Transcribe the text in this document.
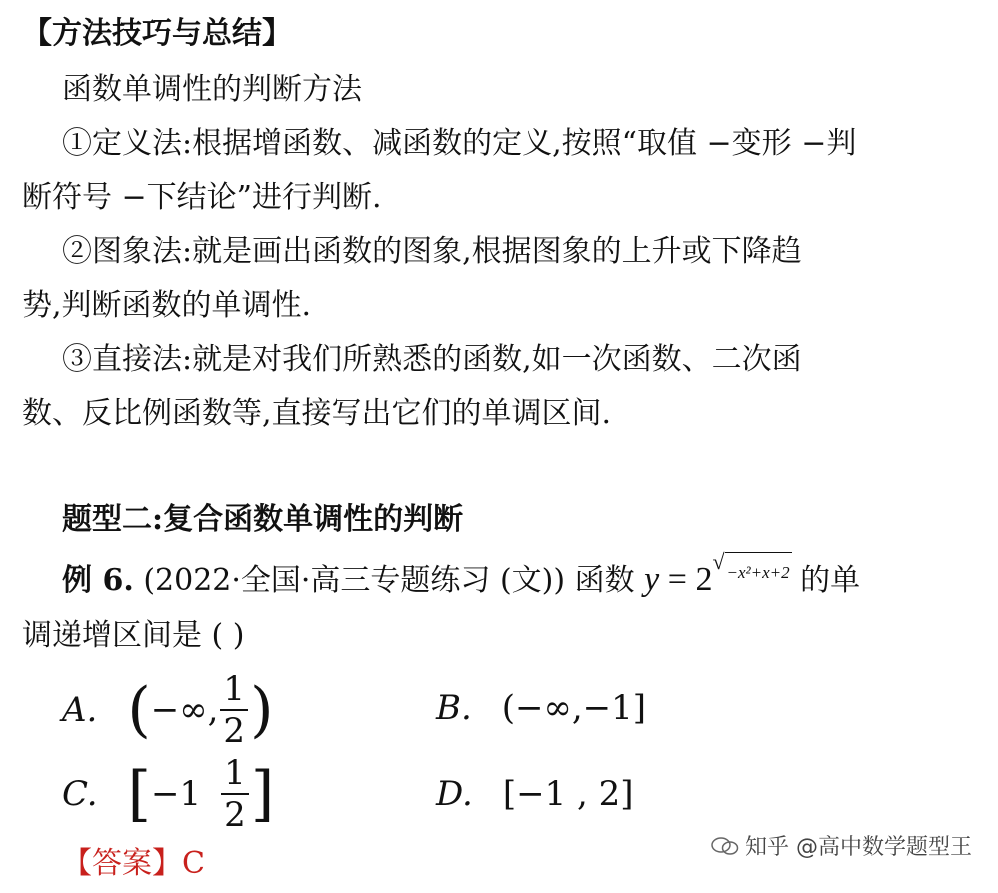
【方法技巧与总结】
函数单调性的判断方法
①定义法:根据增函数、减函数的定义,按照“取值 −变形 −判
断符号 −下结论”进行判断.
②图象法:就是画出函数的图象,根据图象的上升或下降趋
势,判断函数的单调性.
③直接法:就是对我们所熟悉的函数,如一次函数、二次函
数、反比例函数等,直接写出它们的单调区间.
题型二:复合函数单调性的判断
例 6. (2022·全国·高三专题练习 (文)) 函数 y = 2 √ −x²+x+2 的单
调递增区间是 ( )
A. ( −∞, $\frac{1}{2}$ )	B. (−∞,−1]
C. [ $-1 \frac{1}{2}$ ]	D. [−1 , 2]
【答案】C	知乎 @高中数学题型王
